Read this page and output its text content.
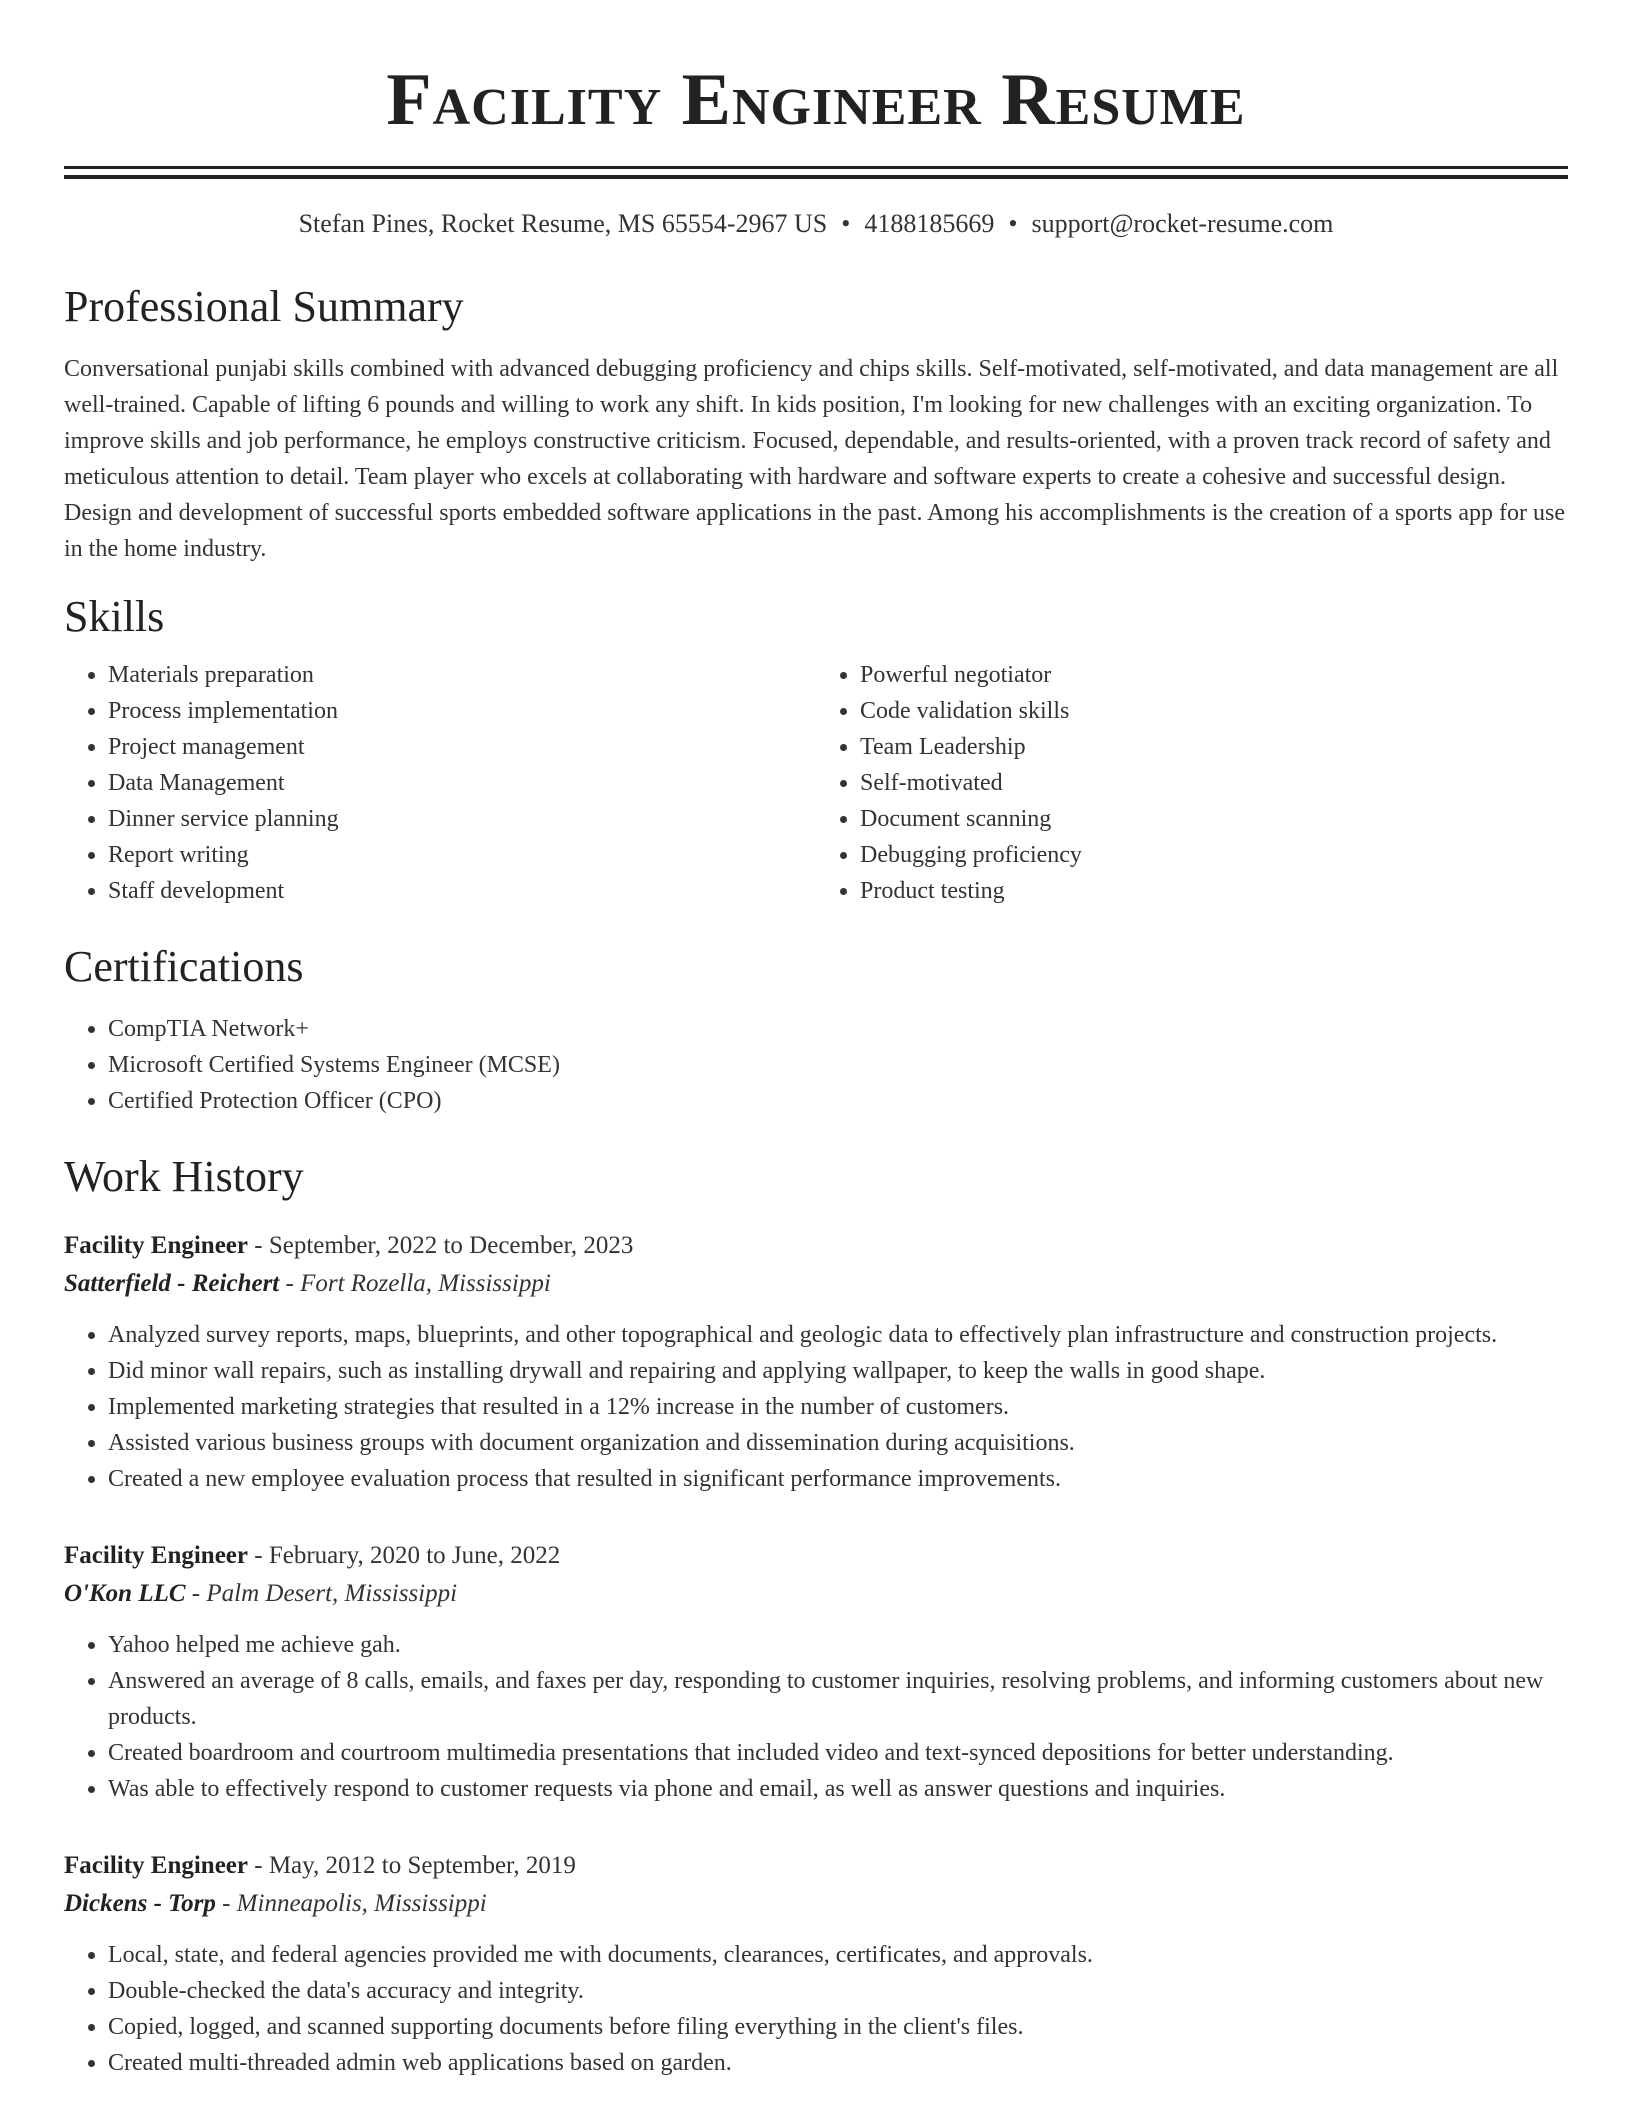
Facility Engineer Resume
Stefan Pines, Rocket Resume, MS 65554-2967 US • 4188185669 • support@rocket-resume.com
Professional Summary

Conversational punjabi skills combined with advanced debugging proficiency and chips skills. Self-motivated, self-motivated, and data management are all well-trained. Capable of lifting 6 pounds and willing to work any shift. In kids position, I'm looking for new challenges with an exciting organization. To improve skills and job performance, he employs constructive criticism. Focused, dependable, and results-oriented, with a proven track record of safety and meticulous attention to detail. Team player who excels at collaborating with hardware and software experts to create a cohesive and successful design. Design and development of successful sports embedded software applications in the past. Among his accomplishments is the creation of a sports app for use in the home industry.

Skills
• Materials preparation
• Process implementation
• Project management
• Data Management
• Dinner service planning
• Report writing
• Staff development
• Powerful negotiator
• Code validation skills
• Team Leadership
• Self-motivated
• Document scanning
• Debugging proficiency
• Product testing
Certifications
• CompTIA Network+
• Microsoft Certified Systems Engineer (MCSE)
• Certified Protection Officer (CPO)
Work History
Facility Engineer - September, 2022 to December, 2023
Satterfield - Reichert - Fort Rozella, Mississippi
• Analyzed survey reports, maps, blueprints, and other topographical and geologic data to effectively plan infrastructure and construction projects.
• Did minor wall repairs, such as installing drywall and repairing and applying wallpaper, to keep the walls in good shape.
• Implemented marketing strategies that resulted in a 12% increase in the number of customers.
• Assisted various business groups with document organization and dissemination during acquisitions.
• Created a new employee evaluation process that resulted in significant performance improvements.
Facility Engineer - February, 2020 to June, 2022
O'Kon LLC - Palm Desert, Mississippi
• Yahoo helped me achieve gah.
• Answered an average of 8 calls, emails, and faxes per day, responding to customer inquiries, resolving problems, and informing customers about new products.
• Created boardroom and courtroom multimedia presentations that included video and text-synced depositions for better understanding.
• Was able to effectively respond to customer requests via phone and email, as well as answer questions and inquiries.
Facility Engineer - May, 2012 to September, 2019
Dickens - Torp - Minneapolis, Mississippi
• Local, state, and federal agencies provided me with documents, clearances, certificates, and approvals.
• Double-checked the data's accuracy and integrity.
• Copied, logged, and scanned supporting documents before filing everything in the client's files.
• Created multi-threaded admin web applications based on garden.
